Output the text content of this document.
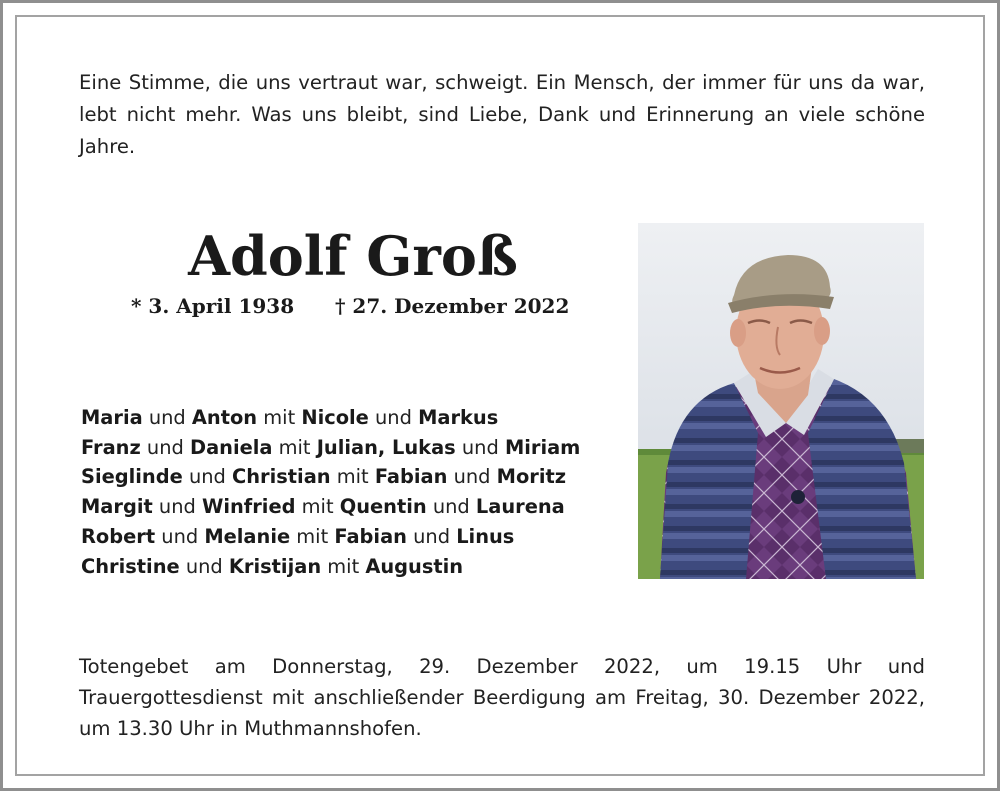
Eine Stimme, die uns vertraut war, schweigt. Ein Mensch, der immer für uns da war, lebt nicht mehr. Was uns bleibt, sind Liebe, Dank und Erinnerung an viele schöne Jahre.

Adolf Groß
* 3. April 1938 † 27. Dezember 2022
Maria und Anton mit Nicole und Markus
Franz und Daniela mit Julian, Lukas und Miriam
Sieglinde und Christian mit Fabian und Moritz
Margit und Winfried mit Quentin und Laurena
Robert und Melanie mit Fabian und Linus
Christine und Kristijan mit Augustin

Totengebet am Donnerstag, 29. Dezember 2022, um 19.15 Uhr und Trauergottesdienst mit anschließender Beerdigung am Freitag, 30. Dezember 2022, um 13.30 Uhr in Muthmannshofen.
